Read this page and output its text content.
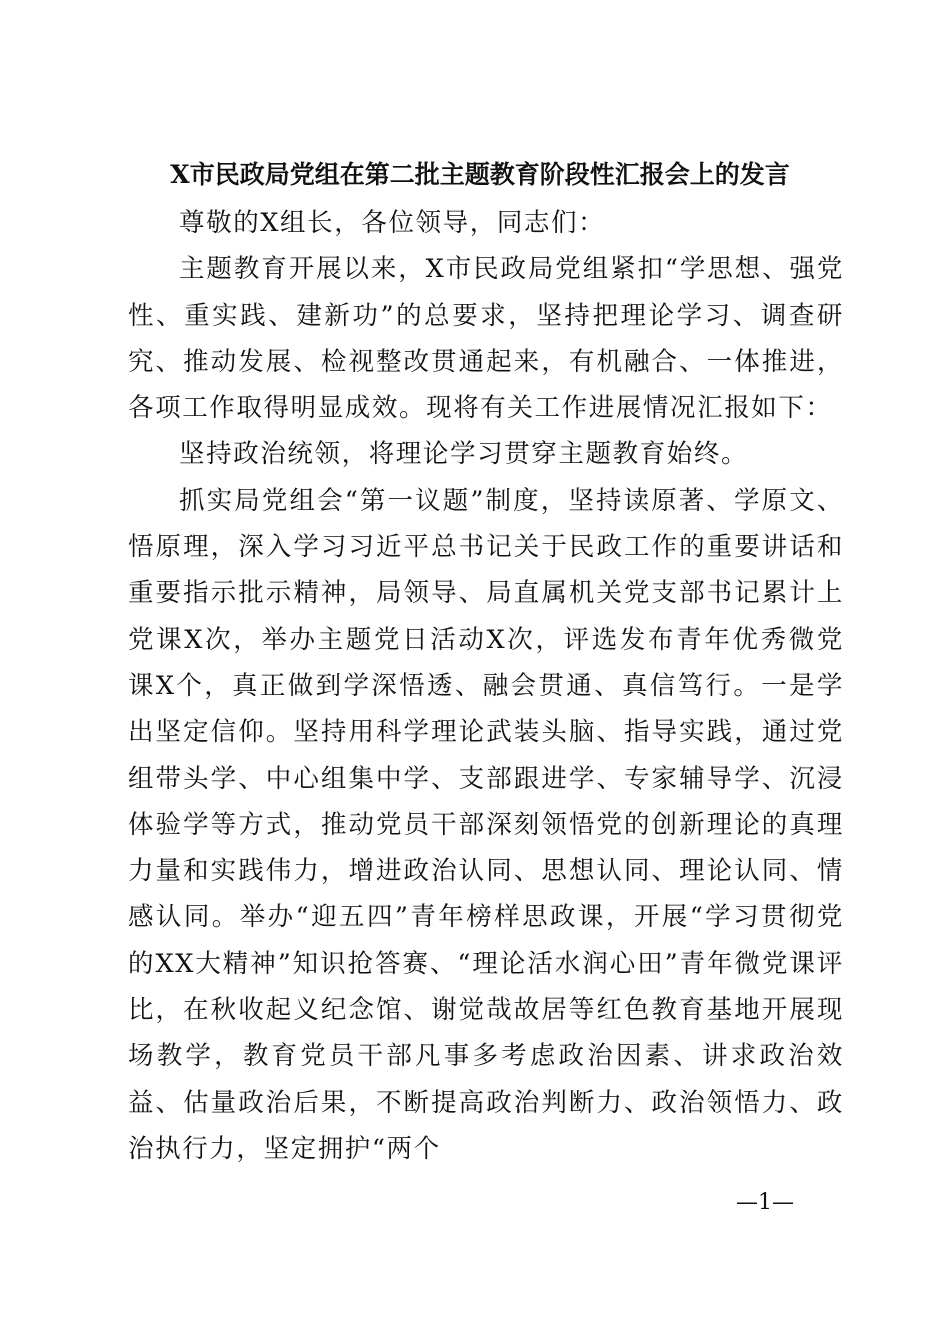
X市民政局党组在第二批主题教育阶段性汇报会上的发言

尊敬的X组长，各位领导，同志们：

主题教育开展以来，X市民政局党组紧扣“学思想、强党性、重实践、建新功”的总要求，坚持把理论学习、调查研究、推动发展、检视整改贯通起来，有机融合、一体推进，各项工作取得明显成效。现将有关工作进展情况汇报如下：

坚持政治统领，将理论学习贯穿主题教育始终。

抓实局党组会“第一议题”制度，坚持读原著、学原文、悟原理，深入学习习近平总书记关于民政工作的重要讲话和重要指示批示精神，局领导、局直属机关党支部书记累计上党课X次，举办主题党日活动X次，评选发布青年优秀微党课X个，真正做到学深悟透、融会贯通、真信笃行。一是学出坚定信仰。坚持用科学理论武装头脑、指导实践，通过党组带头学、中心组集中学、支部跟进学、专家辅导学、沉浸体验学等方式，推动党员干部深刻领悟党的创新理论的真理力量和实践伟力，增进政治认同、思想认同、理论认同、情感认同。举办“迎五四”青年榜样思政课，开展“学习贯彻党的XX大精神”知识抢答赛、“理论活水润心田”青年微党课评比，在秋收起义纪念馆、谢觉哉故居等红色教育基地开展现场教学，教育党员干部凡事多考虑政治因素、讲求政治效益、估量政治后果，不断提高政治判断力、政治领悟力、政治执行力，坚定拥护“两个

—1—
